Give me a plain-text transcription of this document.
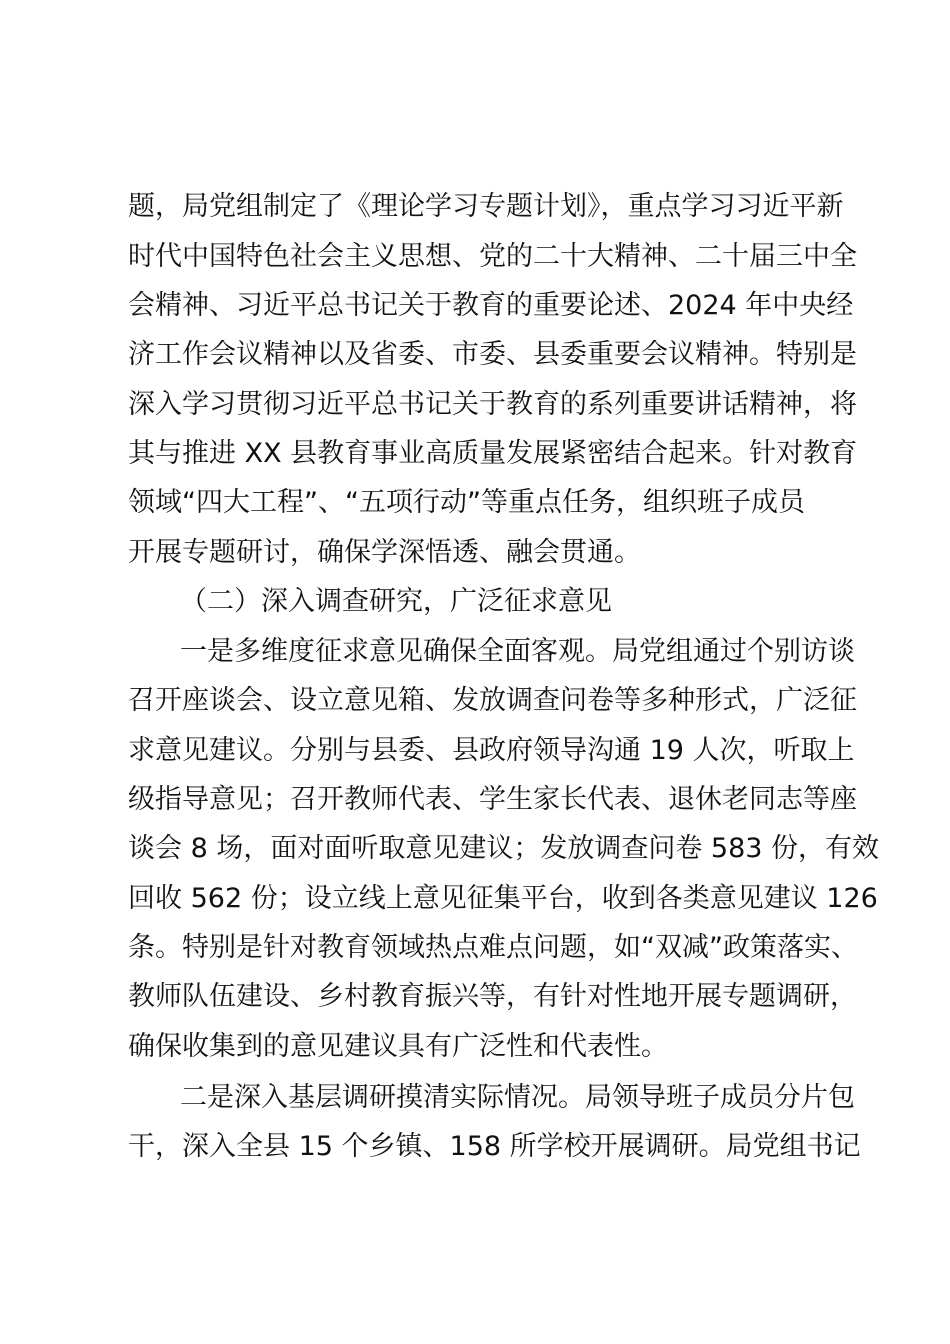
题，局党组制定了《理论学习专题计划》，重点学习习近平新

时代中国特色社会主义思想、党的二十大精神、二十届三中全

会精神、习近平总书记关于教育的重要论述、2024 年中央经

济工作会议精神以及省委、市委、县委重要会议精神。特别是

深入学习贯彻习近平总书记关于教育的系列重要讲话精神，将

其与推进 XX 县教育事业高质量发展紧密结合起来。针对教育

领域“四大工程”、“五项行动”等重点任务，组织班子成员

开展专题研讨，确保学深悟透、融会贯通。

（二）深入调查研究，广泛征求意见

一是多维度征求意见确保全面客观。局党组通过个别访谈

召开座谈会、设立意见箱、发放调查问卷等多种形式，广泛征

求意见建议。分别与县委、县政府领导沟通 19 人次，听取上

级指导意见；召开教师代表、学生家长代表、退休老同志等座

谈会 8 场，面对面听取意见建议；发放调查问卷 583 份，有效

回收 562 份；设立线上意见征集平台，收到各类意见建议 126

条。特别是针对教育领域热点难点问题，如“双减”政策落实、

教师队伍建设、乡村教育振兴等，有针对性地开展专题调研，

确保收集到的意见建议具有广泛性和代表性。

二是深入基层调研摸清实际情况。局领导班子成员分片包

干，深入全县 15 个乡镇、158 所学校开展调研。局党组书记
